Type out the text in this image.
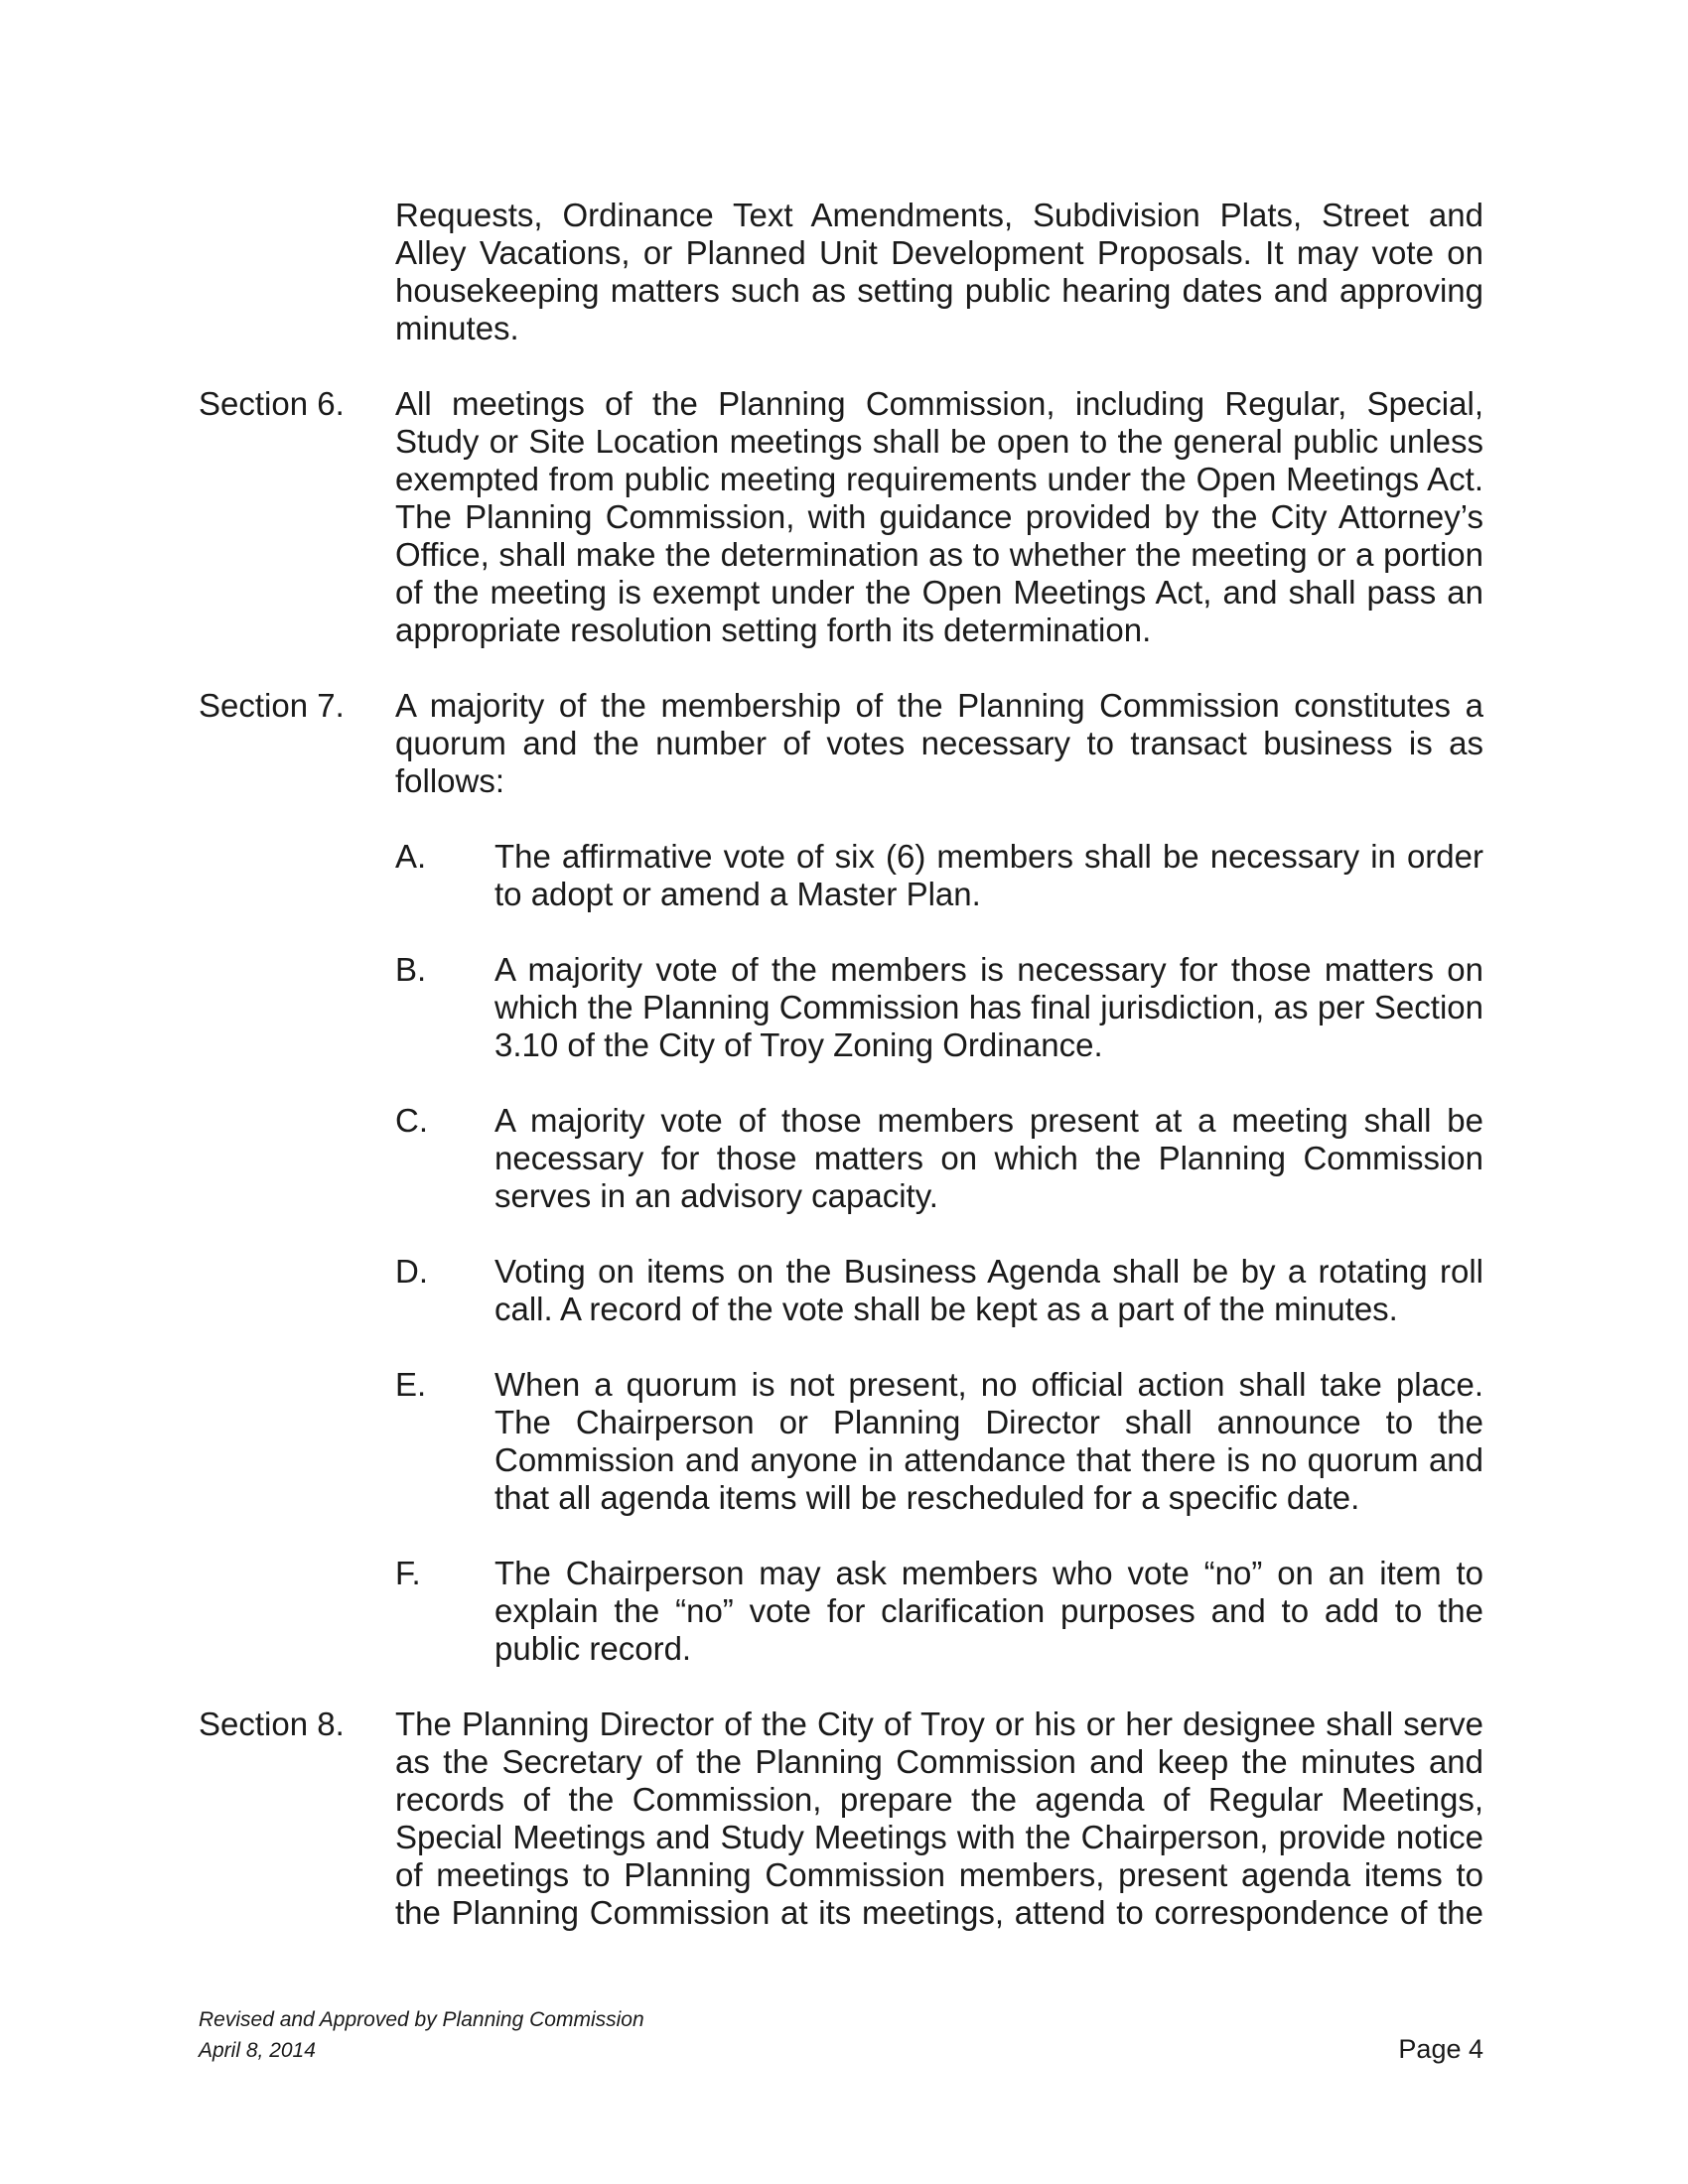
Requests, Ordinance Text Amendments, Subdivision Plats, Street and Alley Vacations, or Planned Unit Development Proposals. It may vote on housekeeping matters such as setting public hearing dates and approving minutes.

Section 6. All meetings of the Planning Commission, including Regular, Special, Study or Site Location meetings shall be open to the general public unless exempted from public meeting requirements under the Open Meetings Act. The Planning Commission, with guidance provided by the City Attorney’s Office, shall make the determination as to whether the meeting or a portion of the meeting is exempt under the Open Meetings Act, and shall pass an appropriate resolution setting forth its determination.

Section 7. A majority of the membership of the Planning Commission constitutes a quorum and the number of votes necessary to transact business is as follows:

A. The affirmative vote of six (6) members shall be necessary in order to adopt or amend a Master Plan.

B. A majority vote of the members is necessary for those matters on which the Planning Commission has final jurisdiction, as per Section 3.10 of the City of Troy Zoning Ordinance.

C. A majority vote of those members present at a meeting shall be necessary for those matters on which the Planning Commission serves in an advisory capacity.

D. Voting on items on the Business Agenda shall be by a rotating roll call. A record of the vote shall be kept as a part of the minutes.

E. When a quorum is not present, no official action shall take place. The Chairperson or Planning Director shall announce to the Commission and anyone in attendance that there is no quorum and that all agenda items will be rescheduled for a specific date.

F. The Chairperson may ask members who vote “no” on an item to explain the “no” vote for clarification purposes and to add to the public record.

Section 8. The Planning Director of the City of Troy or his or her designee shall serve as the Secretary of the Planning Commission and keep the minutes and records of the Commission, prepare the agenda of Regular Meetings, Special Meetings and Study Meetings with the Chairperson, provide notice of meetings to Planning Commission members, present agenda items to the Planning Commission at its meetings, attend to correspondence of the

Revised and Approved by Planning Commission

April 8, 2014	Page 4
